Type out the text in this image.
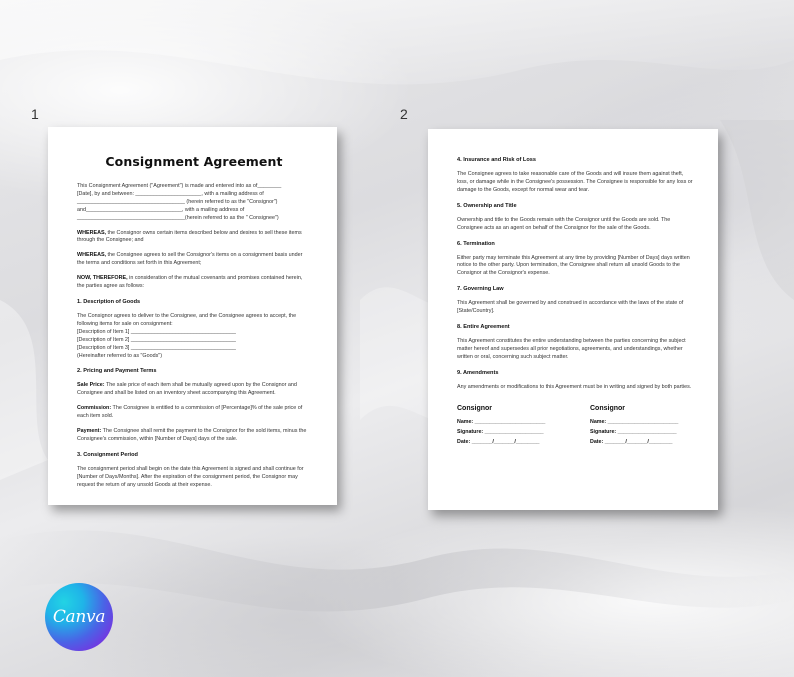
1	2
Consignment Agreement

This Consignment Agreement ("Agreement") is made and entered into as of________

[Date], by and between: ______________________, with a mailing address of

____________________________________ (herein referred to as the "Consignor")

and________________________________, with a mailing address of

____________________________________(herein referred to as the " Consignee")

WHEREAS, the Consignor owns certain items described below and desires to sell these items through the Consignee; and

WHEREAS, the Consignee agrees to sell the Consignor's items on a consignment basis under the terms and conditions set forth in this Agreement;

NOW, THEREFORE, in consideration of the mutual covenants and promises contained herein, the parties agree as follows:

1. Description of Goods

The Consignor agrees to deliver to the Consignee, and the Consignee agrees to accept, the following items for sale on consignment:

[Description of Item 1] ___________________________________

[Description of Item 2] ___________________________________

[Description of Item 3] ___________________________________

(Hereinafter referred to as "Goods")

2. Pricing and Payment Terms

Sale Price: The sale price of each item shall be mutually agreed upon by the Consignor and Consignee and shall be listed on an inventory sheet accompanying this Agreement.

Commission: The Consignee is entitled to a commission of [Percentage]% of the sale price of each item sold.

Payment: The Consignee shall remit the payment to the Consignor for the sold items, minus the Consignee's commission, within [Number of Days] days of the sale.

3. Consignment Period

The consignment period shall begin on the date this Agreement is signed and shall continue for [Number of Days/Months]. After the expiration of the consignment period, the Consignor may request the return of any unsold Goods at their expense.

4. Insurance and Risk of Loss

The Consignee agrees to take reasonable care of the Goods and will insure them against theft, loss, or damage while in the Consignee's possession. The Consignee is responsible for any loss or damage to the Goods, except for normal wear and tear.

5. Ownership and Title

Ownership and title to the Goods remain with the Consignor until the Goods are sold. The Consignee acts as an agent on behalf of the Consignor for the sale of the Goods.

6. Termination

Either party may terminate this Agreement at any time by providing [Number of Days] days written notice to the other party. Upon termination, the Consignee shall return all unsold Goods to the Consignor at the Consignor's expense.

7. Governing Law

This Agreement shall be governed by and construed in accordance with the laws of the state of [State/Country].

8. Entire Agreement

This Agreement constitutes the entire understanding between the parties concerning the subject matter hereof and supersedes all prior negotiations, agreements, and understandings, whether written or oral, concerning such subject matter.

9. Amendments

Any amendments or modifications to this Agreement must be in writing and signed by both parties.

Consignor

Name: ________________________

Signature: ____________________

Date: _______/_______/________

Consignor

Name: ________________________

Signature: ____________________

Date: _______/_______/________

Canva
